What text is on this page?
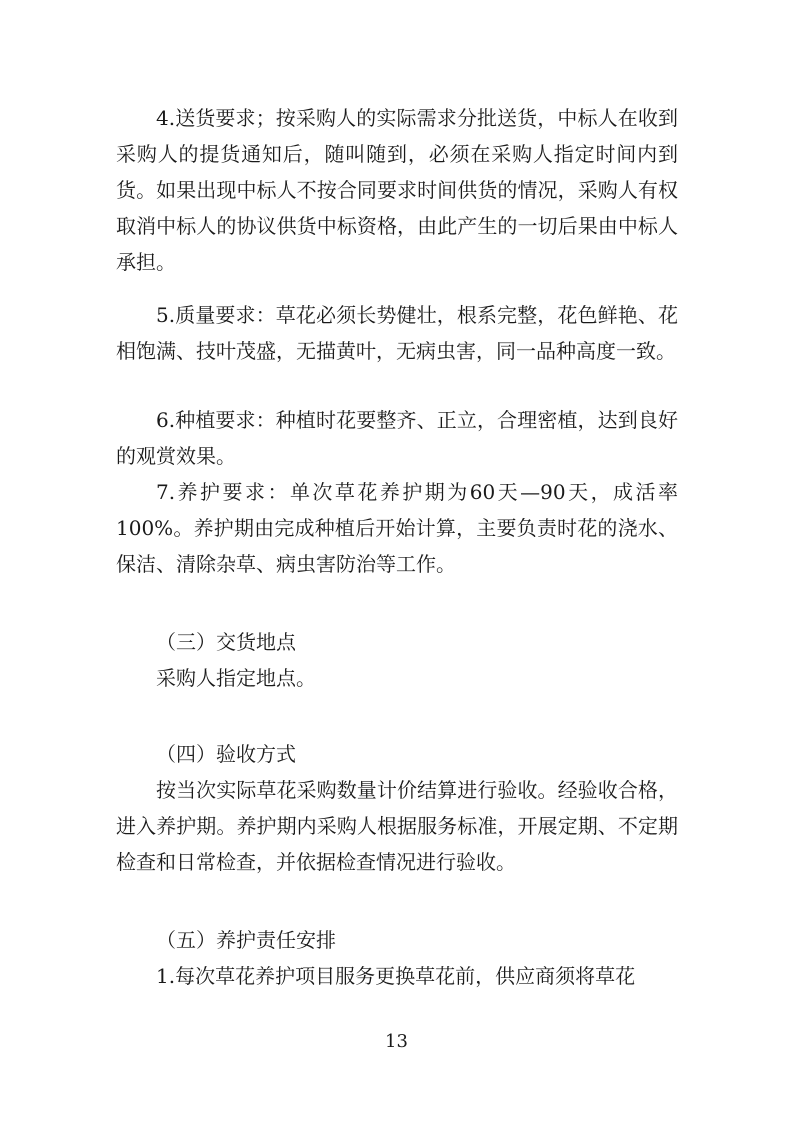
4.送货要求；按采购人的实际需求分批送货，中标人在收到采购人的提货通知后，随叫随到，必须在采购人指定时间内到货。如果出现中标人不按合同要求时间供货的情况，采购人有权取消中标人的协议供货中标资格，由此产生的一切后果由中标人承担。

5.质量要求：草花必须长势健壮，根系完整，花色鲜艳、花相饱满、技叶茂盛，无描黄叶，无病虫害，同一品种高度一致。

6.种植要求：种植时花要整齐、正立，合理密植，达到良好的观赏效果。

7.养护要求：单次草花养护期为60天—90天，成活率100%。养护期由完成种植后开始计算，主要负责时花的浇水、保洁、清除杂草、病虫害防治等工作。

（三）交货地点

采购人指定地点。

（四）验收方式

按当次实际草花采购数量计价结算进行验收。经验收合格，进入养护期。养护期内采购人根据服务标准，开展定期、不定期检查和日常检查，并依据检查情况进行验收。

（五）养护责任安排

1.每次草花养护项目服务更换草花前，供应商须将草花

13
